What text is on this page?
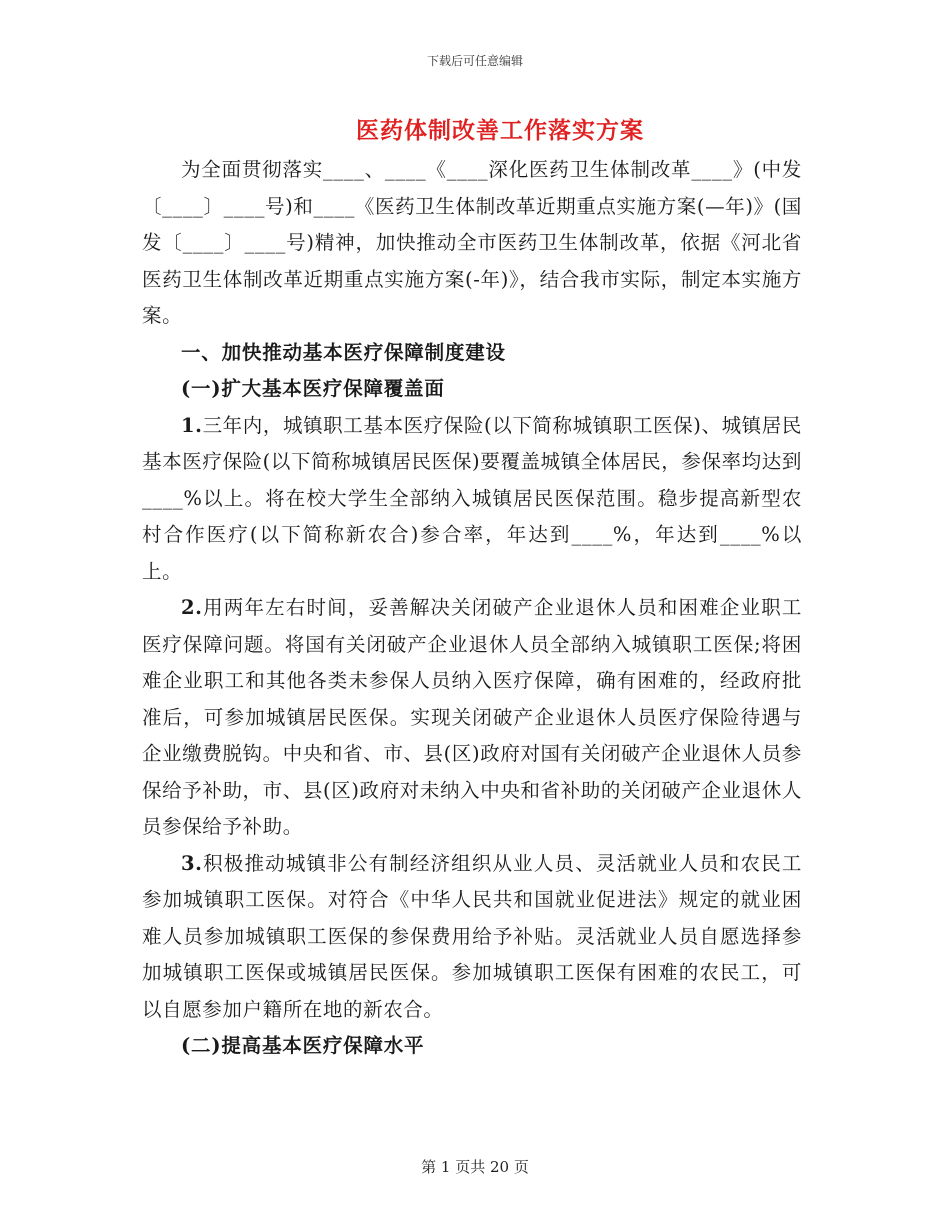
下载后可任意编辑
医药体制改善工作落实方案

为全面贯彻落实____、____《____深化医药卫生体制改革____》(中发〔____〕____号)和____《医药卫生体制改革近期重点实施方案(—年)》(国发〔____〕____号)精神，加快推动全市医药卫生体制改革，依据《河北省医药卫生体制改革近期重点实施方案(-年)》，结合我市实际，制定本实施方案。

一、加快推动基本医疗保障制度建设

(一)扩大基本医疗保障覆盖面

1.三年内，城镇职工基本医疗保险(以下简称城镇职工医保)、城镇居民基本医疗保险(以下简称城镇居民医保)要覆盖城镇全体居民，参保率均达到____%以上。将在校大学生全部纳入城镇居民医保范围。稳步提高新型农村合作医疗(以下简称新农合)参合率，年达到____%，年达到____%以上。

2.用两年左右时间，妥善解决关闭破产企业退休人员和困难企业职工医疗保障问题。将国有关闭破产企业退休人员全部纳入城镇职工医保;将困难企业职工和其他各类未参保人员纳入医疗保障，确有困难的，经政府批准后，可参加城镇居民医保。实现关闭破产企业退休人员医疗保险待遇与企业缴费脱钩。中央和省、市、县(区)政府对国有关闭破产企业退休人员参保给予补助，市、县(区)政府对未纳入中央和省补助的关闭破产企业退休人员参保给予补助。

3.积极推动城镇非公有制经济组织从业人员、灵活就业人员和农民工参加城镇职工医保。对符合《中华人民共和国就业促进法》规定的就业困难人员参加城镇职工医保的参保费用给予补贴。灵活就业人员自愿选择参加城镇职工医保或城镇居民医保。参加城镇职工医保有困难的农民工，可以自愿参加户籍所在地的新农合。

(二)提高基本医疗保障水平

第 1 页共 20 页
